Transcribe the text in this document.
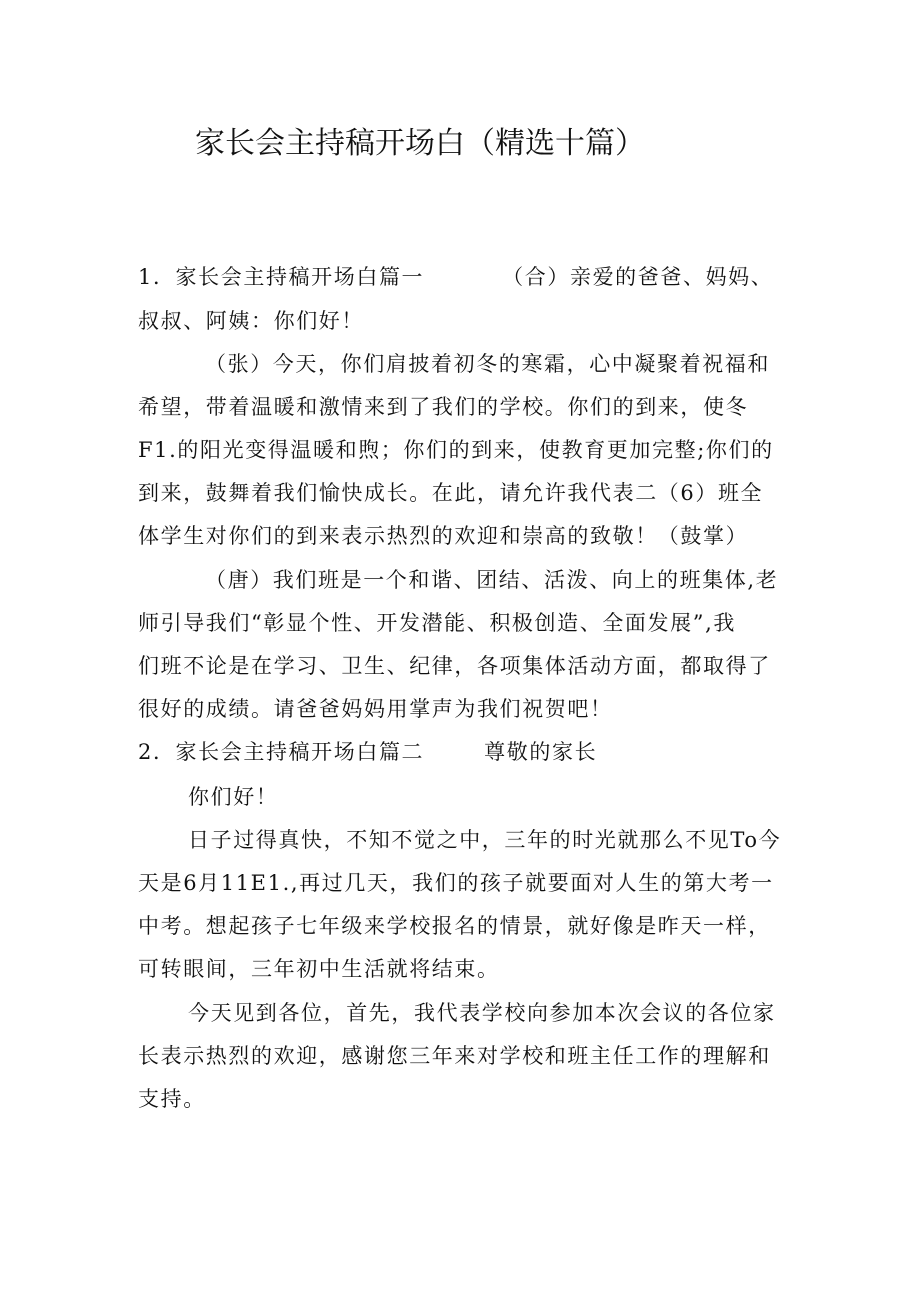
家长会主持稿开场白（精选十篇）
1．家长会主持稿开场白篇一	（合）亲爱的爸爸、妈妈、
叔叔、阿姨：你们好！
（张）今天，你们肩披着初冬的寒霜，心中凝聚着祝福和
希望，带着温暖和激情来到了我们的学校。你们的到来，使冬
F1.的阳光变得温暖和煦；你们的到来，使教育更加完整;你们的
到来，鼓舞着我们愉快成长。在此，请允许我代表二（6）班全
体学生对你们的到来表示热烈的欢迎和崇高的致敬！（鼓掌）
（唐）我们班是一个和谐、团结、活泼、向上的班集体,老
师引导我们“彰显个性、开发潜能、积极创造、全面发展”,我
们班不论是在学习、卫生、纪律，各项集体活动方面，都取得了
很好的成绩。请爸爸妈妈用掌声为我们祝贺吧！
2．家长会主持稿开场白篇二	尊敬的家长
你们好！
日子过得真快，不知不觉之中，三年的时光就那么不见To今
天是6月11E1.,再过几天，我们的孩子就要面对人生的第大考一
中考。想起孩子七年级来学校报名的情景，就好像是昨天一样，
可转眼间，三年初中生活就将结束。
今天见到各位，首先，我代表学校向参加本次会议的各位家
长表示热烈的欢迎，感谢您三年来对学校和班主任工作的理解和
支持。
